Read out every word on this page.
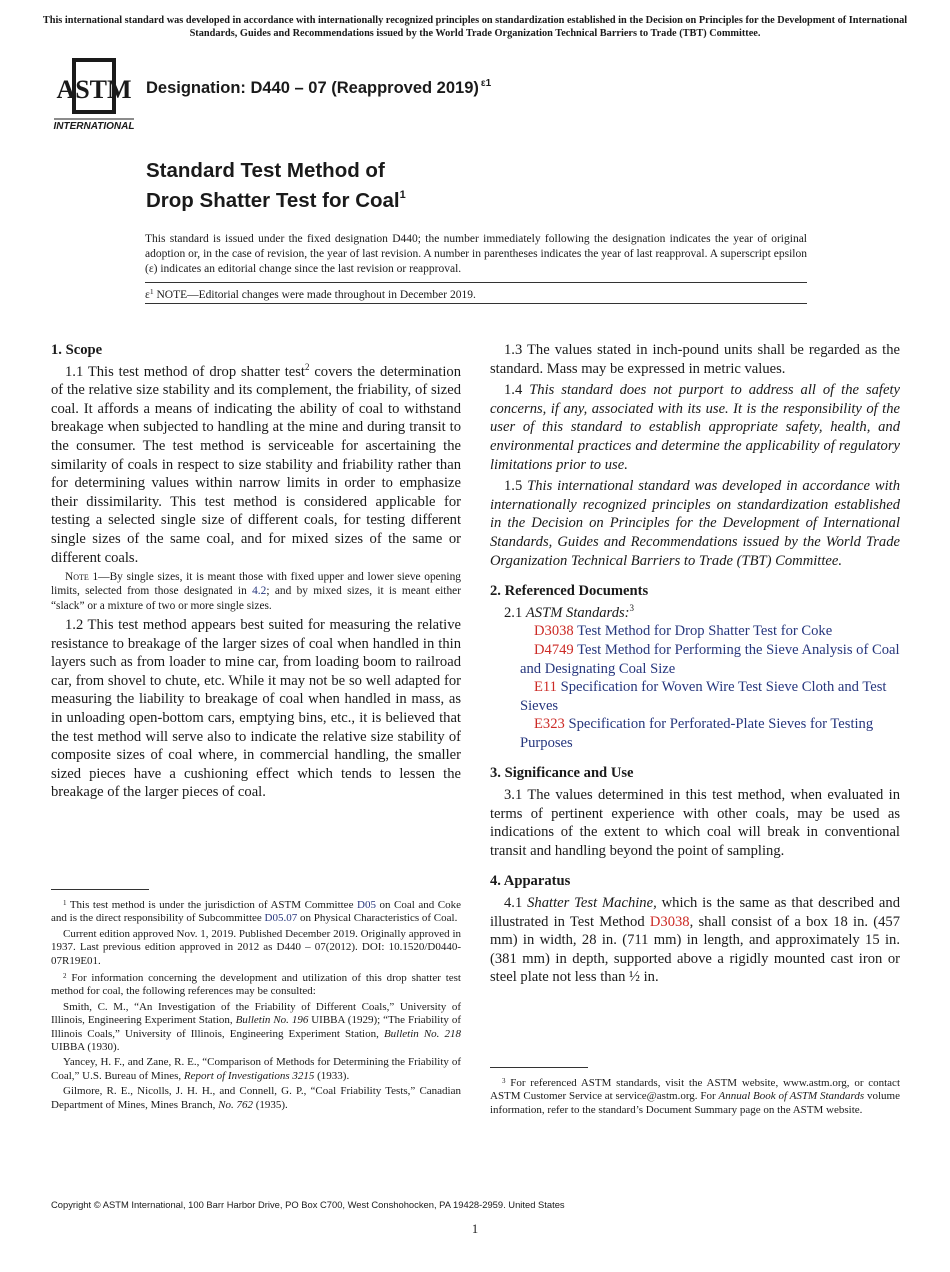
This international standard was developed in accordance with internationally recognized principles on standardization established in the Decision on Principles for the Development of International Standards, Guides and Recommendations issued by the World Trade Organization Technical Barriers to Trade (TBT) Committee.
ASTM
INTERNATIONAL
Designation: D440 – 07 (Reapproved 2019) $^{\varepsilon 1}$
Standard Test Method of
Drop Shatter Test for Coal$^1$
This standard is issued under the fixed designation D440; the number immediately following the designation indicates the year of original adoption or, in the case of revision, the year of last revision. A number in parentheses indicates the year of last reapproval. A superscript epsilon (ε) indicates an editorial change since the last revision or reapproval.
$\varepsilon^1$ NOTE—Editorial changes were made throughout in December 2019.
1. Scope

1.1 This test method of drop shatter test$^2$ covers the determination of the relative size stability and its complement, the friability, of sized coal. It affords a means of indicating the ability of coal to withstand breakage when subjected to handling at the mine and during transit to the consumer. The test method is serviceable for ascertaining the similarity of coals in respect to size stability and friability rather than for determining values within narrow limits in order to emphasize their dissimilarity. This test method is considered applicable for testing a selected single size of different coals, for testing different single sizes of the same coal, and for mixed sizes of the same or different coals.

Note 1—By single sizes, it is meant those with fixed upper and lower sieve opening limits, selected from those designated in 4.2; and by mixed sizes, it is meant either “slack” or a mixture of two or more single sizes.

1.2 This test method appears best suited for measuring the relative resistance to breakage of the larger sizes of coal when handled in thin layers such as from loader to mine car, from loading boom to railroad car, from shovel to chute, etc. While it may not be so well adapted for measuring the liability to breakage of coal when handled in mass, as in unloading open-bottom cars, emptying bins, etc., it is believed that the test method will serve also to indicate the relative size stability of composite sizes of coal where, in commercial handling, the smaller sized pieces have a cushioning effect which tends to lessen the breakage of the larger pieces of coal.

1.3 The values stated in inch-pound units shall be regarded as the standard. Mass may be expressed in metric values.

1.4 This standard does not purport to address all of the safety concerns, if any, associated with its use. It is the responsibility of the user of this standard to establish appropriate safety, health, and environmental practices and determine the applicability of regulatory limitations prior to use.

1.5 This international standard was developed in accordance with internationally recognized principles on standardization established in the Decision on Principles for the Development of International Standards, Guides and Recommendations issued by the World Trade Organization Technical Barriers to Trade (TBT) Committee.

2. Referenced Documents

2.1 ASTM Standards:$^3$

D3038 Test Method for Drop Shatter Test for Coke

D4749 Test Method for Performing the Sieve Analysis of Coal and Designating Coal Size

E11 Specification for Woven Wire Test Sieve Cloth and Test Sieves

E323 Specification for Perforated-Plate Sieves for Testing Purposes

3. Significance and Use

3.1 The values determined in this test method, when evaluated in terms of pertinent experience with other coals, may be used as indications of the extent to which coal will break in conventional transit and handling beyond the point of sampling.

4. Apparatus

4.1 Shatter Test Machine, which is the same as that described and illustrated in Test Method D3038, shall consist of a box 18 in. (457 mm) in width, 28 in. (711 mm) in length, and approximately 15 in. (381 mm) in depth, supported above a rigidly mounted cast iron or steel plate not less than ½ in.

$^1$ This test method is under the jurisdiction of ASTM Committee D05 on Coal and Coke and is the direct responsibility of Subcommittee D05.07 on Physical Characteristics of Coal.

Current edition approved Nov. 1, 2019. Published December 2019. Originally approved in 1937. Last previous edition approved in 2012 as D440 – 07(2012). DOI: 10.1520/D0440-07R19E01.

$^2$ For information concerning the development and utilization of this drop shatter test method for coal, the following references may be consulted:

Smith, C. M., “An Investigation of the Friability of Different Coals,” University of Illinois, Engineering Experiment Station, Bulletin No. 196 UIBBA (1929); “The Friability of Illinois Coals,” University of Illinois, Engineering Experiment Station, Bulletin No. 218 UIBBA (1930).

Yancey, H. F., and Zane, R. E., “Comparison of Methods for Determining the Friability of Coal,” U.S. Bureau of Mines, Report of Investigations 3215 (1933).

Gilmore, R. E., Nicolls, J. H. H., and Connell, G. P., “Coal Friability Tests,” Canadian Department of Mines, Mines Branch, No. 762 (1935).

$^3$ For referenced ASTM standards, visit the ASTM website, www.astm.org, or contact ASTM Customer Service at service@astm.org. For Annual Book of ASTM Standards volume information, refer to the standard’s Document Summary page on the ASTM website.

Copyright © ASTM International, 100 Barr Harbor Drive, PO Box C700, West Conshohocken, PA 19428-2959. United States
1
